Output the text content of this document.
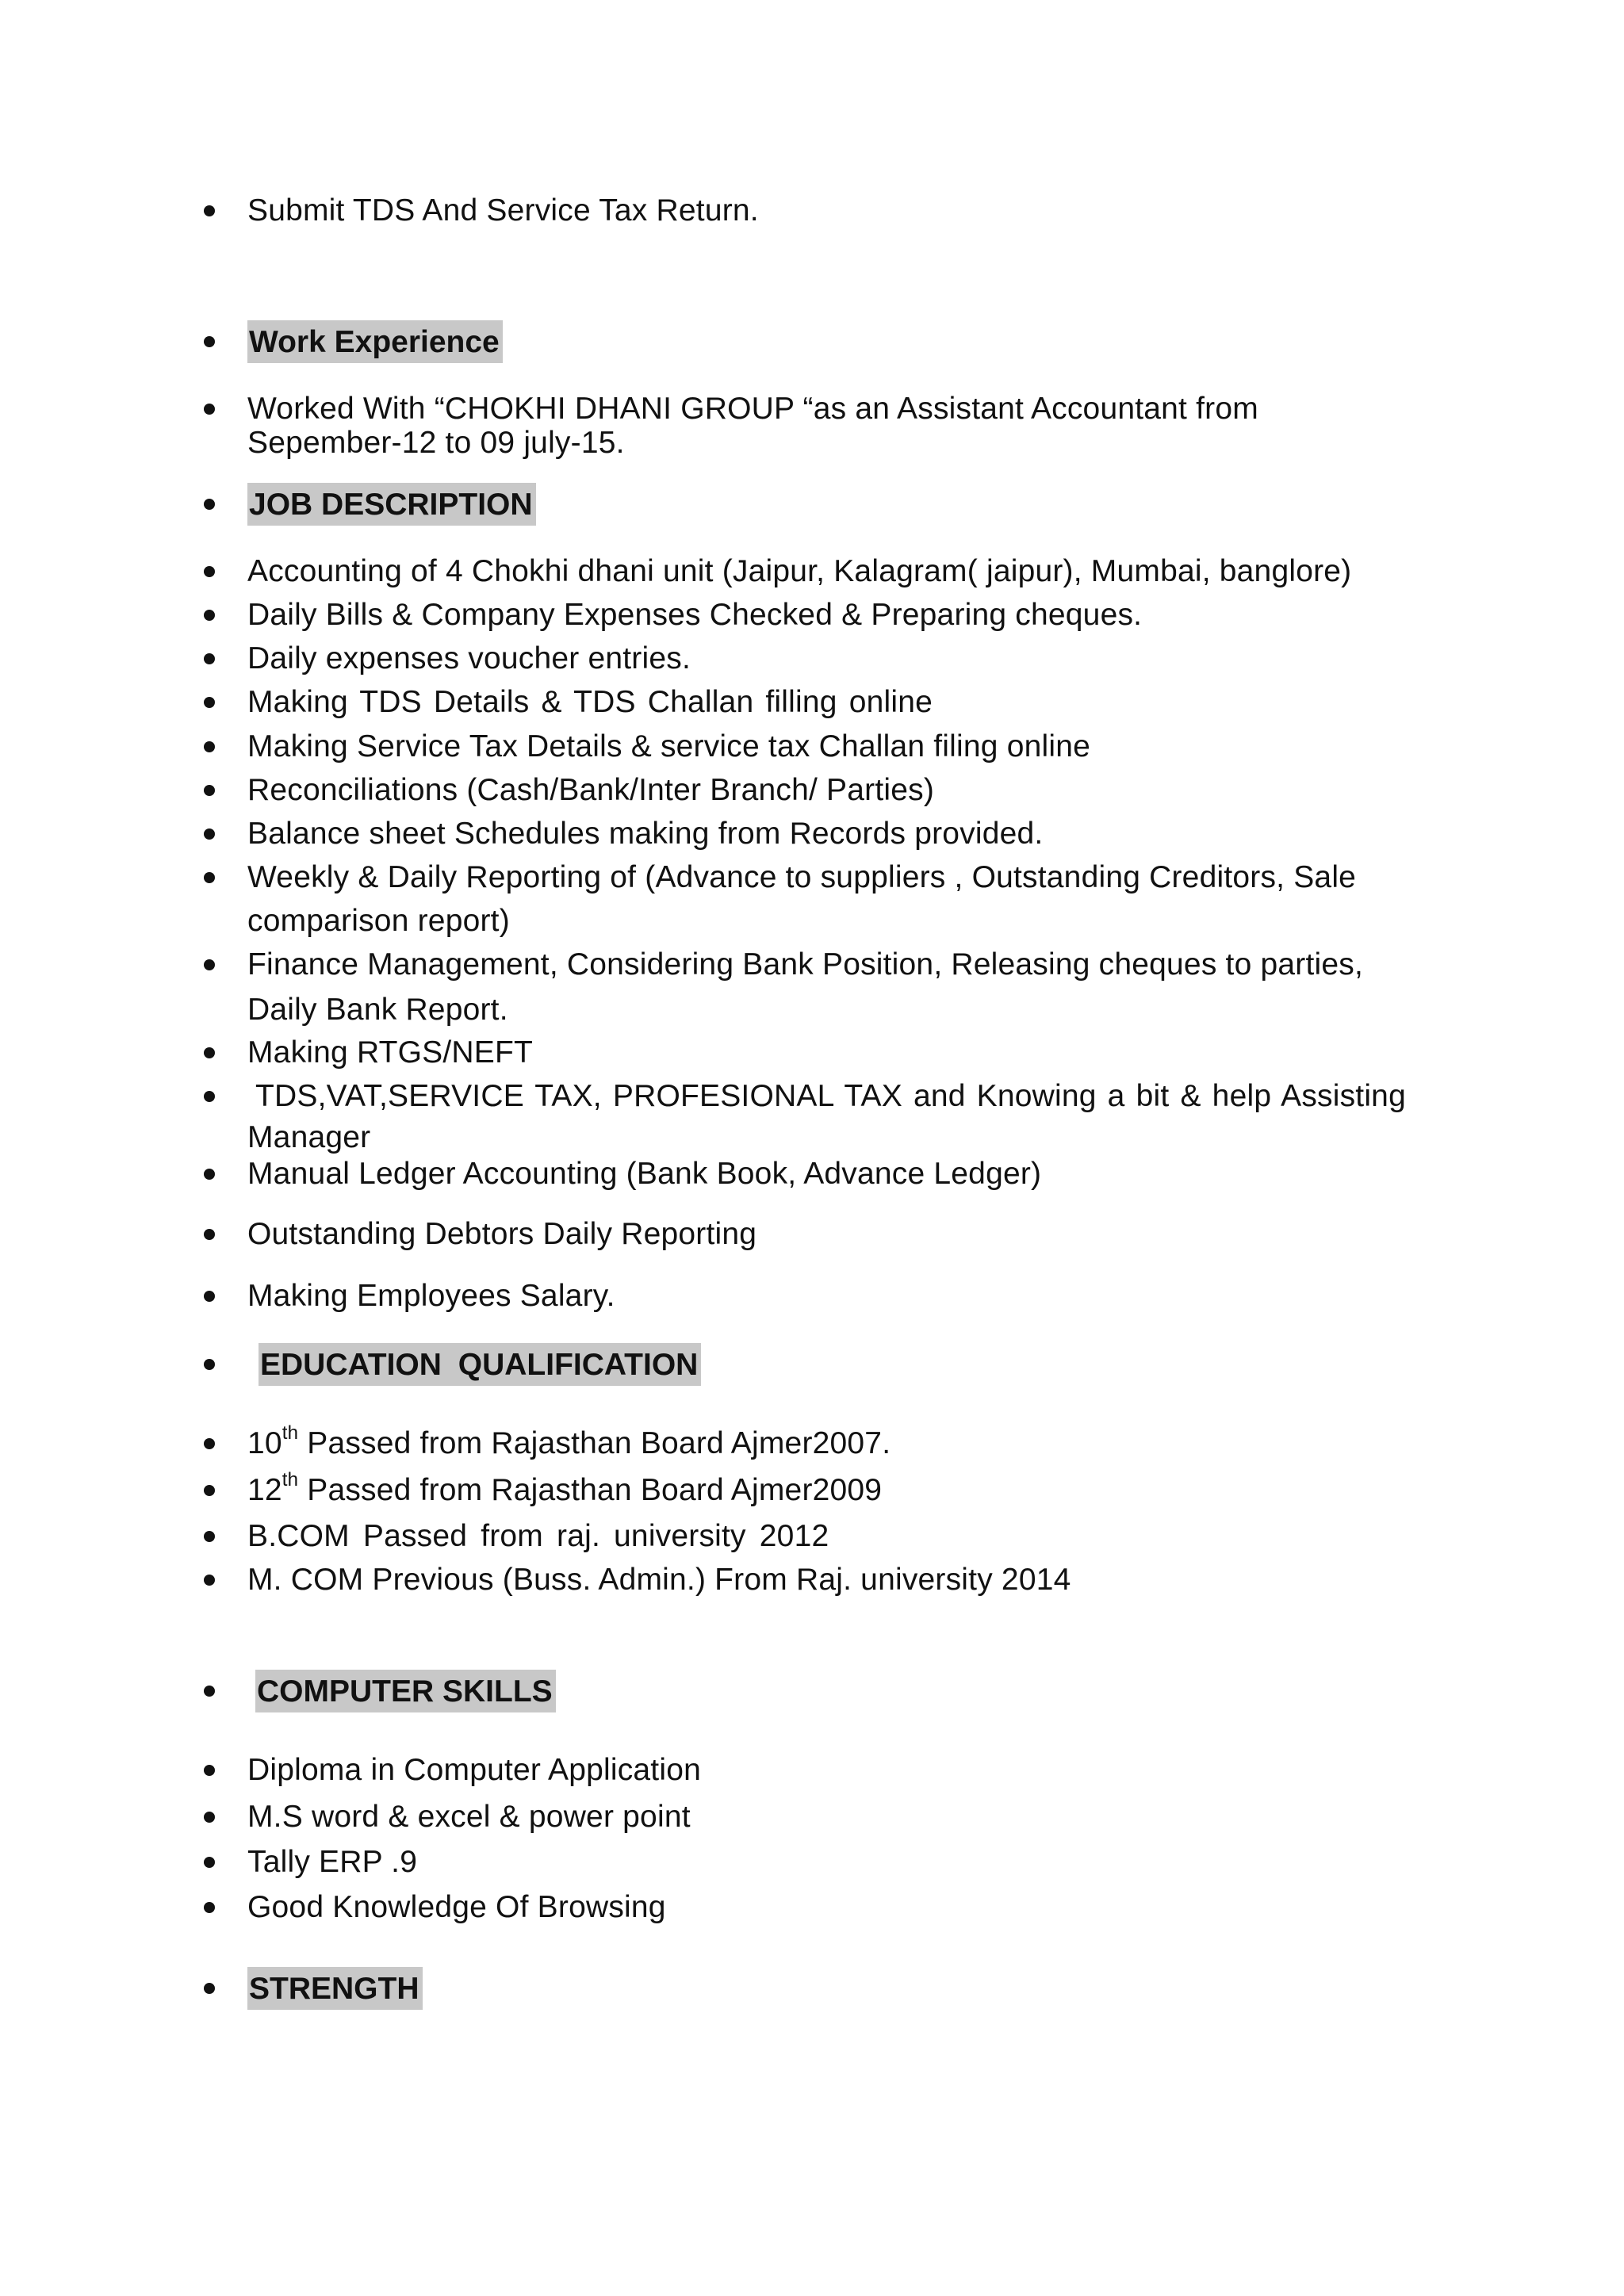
Submit TDS And Service Tax Return.
Work Experience
Worked With “CHOKHI DHANI GROUP “as an Assistant Accountant from
Sepember-12 to 09 july-15.
JOB DESCRIPTION
Accounting of 4 Chokhi dhani unit (Jaipur, Kalagram( jaipur), Mumbai, banglore)
Daily Bills & Company Expenses Checked & Preparing cheques.
Daily expenses voucher entries.
Making TDS Details & TDS Challan filling online
Making Service Tax Details & service tax Challan filing online
Reconciliations (Cash/Bank/Inter Branch/ Parties)
Balance sheet Schedules making from Records provided.
Weekly & Daily Reporting of (Advance to suppliers , Outstanding Creditors, Sale
comparison report)
Finance Management, Considering Bank Position, Releasing cheques to parties,
Daily Bank Report.
Making RTGS/NEFT
TDS,VAT,SERVICE TAX, PROFESIONAL TAX and Knowing a bit & help Assisting
Manager
Manual Ledger Accounting (Bank Book, Advance Ledger)
Outstanding Debtors Daily Reporting
Making Employees Salary.
EDUCATION QUALIFICATION
10th Passed from Rajasthan Board Ajmer2007.
12th Passed from Rajasthan Board Ajmer2009
B.COM Passed from raj. university 2012
M. COM Previous (Buss. Admin.) From Raj. university 2014
COMPUTER SKILLS
Diploma in Computer Application
M.S word & excel & power point
Tally ERP .9
Good Knowledge Of Browsing
STRENGTH
